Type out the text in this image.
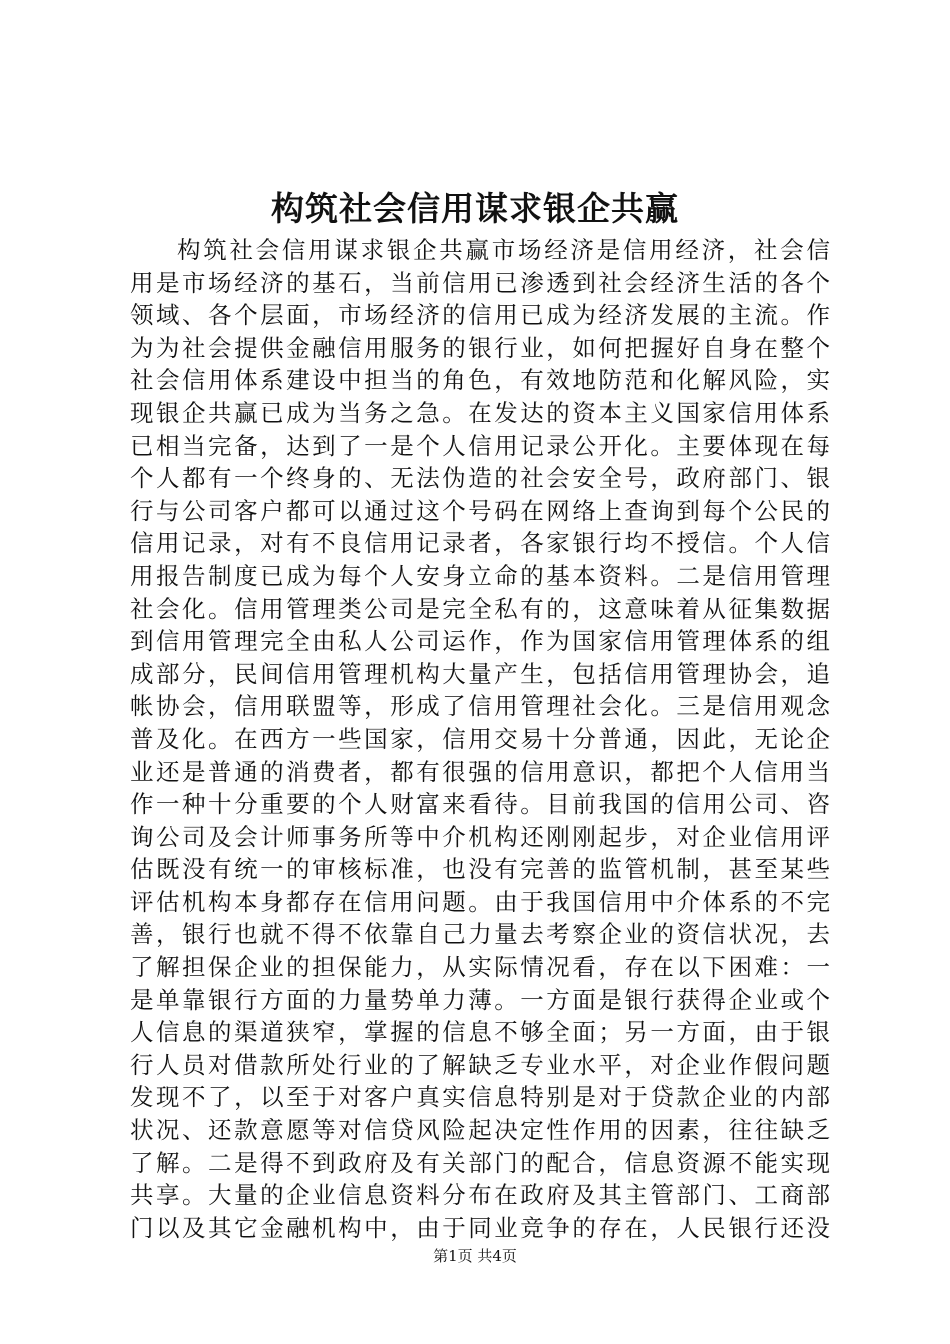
构筑社会信用谋求银企共赢
构筑社会信用谋求银企共赢市场经济是信用经济，社会信
用是市场经济的基石，当前信用已渗透到社会经济生活的各个
领域、各个层面，市场经济的信用已成为经济发展的主流。作
为为社会提供金融信用服务的银行业，如何把握好自身在整个
社会信用体系建设中担当的角色，有效地防范和化解风险，实
现银企共赢已成为当务之急。在发达的资本主义国家信用体系
已相当完备，达到了一是个人信用记录公开化。主要体现在每
个人都有一个终身的、无法伪造的社会安全号，政府部门、银
行与公司客户都可以通过这个号码在网络上查询到每个公民的
信用记录，对有不良信用记录者，各家银行均不授信。个人信
用报告制度已成为每个人安身立命的基本资料。二是信用管理
社会化。信用管理类公司是完全私有的，这意味着从征集数据
到信用管理完全由私人公司运作，作为国家信用管理体系的组
成部分，民间信用管理机构大量产生，包括信用管理协会，追
帐协会，信用联盟等，形成了信用管理社会化。三是信用观念
普及化。在西方一些国家，信用交易十分普通，因此，无论企
业还是普通的消费者，都有很强的信用意识，都把个人信用当
作一种十分重要的个人财富来看待。目前我国的信用公司、咨
询公司及会计师事务所等中介机构还刚刚起步，对企业信用评
估既没有统一的审核标准，也没有完善的监管机制，甚至某些
评估机构本身都存在信用问题。由于我国信用中介体系的不完
善，银行也就不得不依靠自己力量去考察企业的资信状况，去
了解担保企业的担保能力，从实际情况看，存在以下困难：一
是单靠银行方面的力量势单力薄。一方面是银行获得企业或个
人信息的渠道狭窄，掌握的信息不够全面；另一方面，由于银
行人员对借款所处行业的了解缺乏专业水平，对企业作假问题
发现不了，以至于对客户真实信息特别是对于贷款企业的内部
状况、还款意愿等对信贷风险起决定性作用的因素，往往缺乏
了解。二是得不到政府及有关部门的配合，信息资源不能实现
共享。大量的企业信息资料分布在政府及其主管部门、工商部
门以及其它金融机构中，由于同业竞争的存在，人民银行还没
第1页 共4页
